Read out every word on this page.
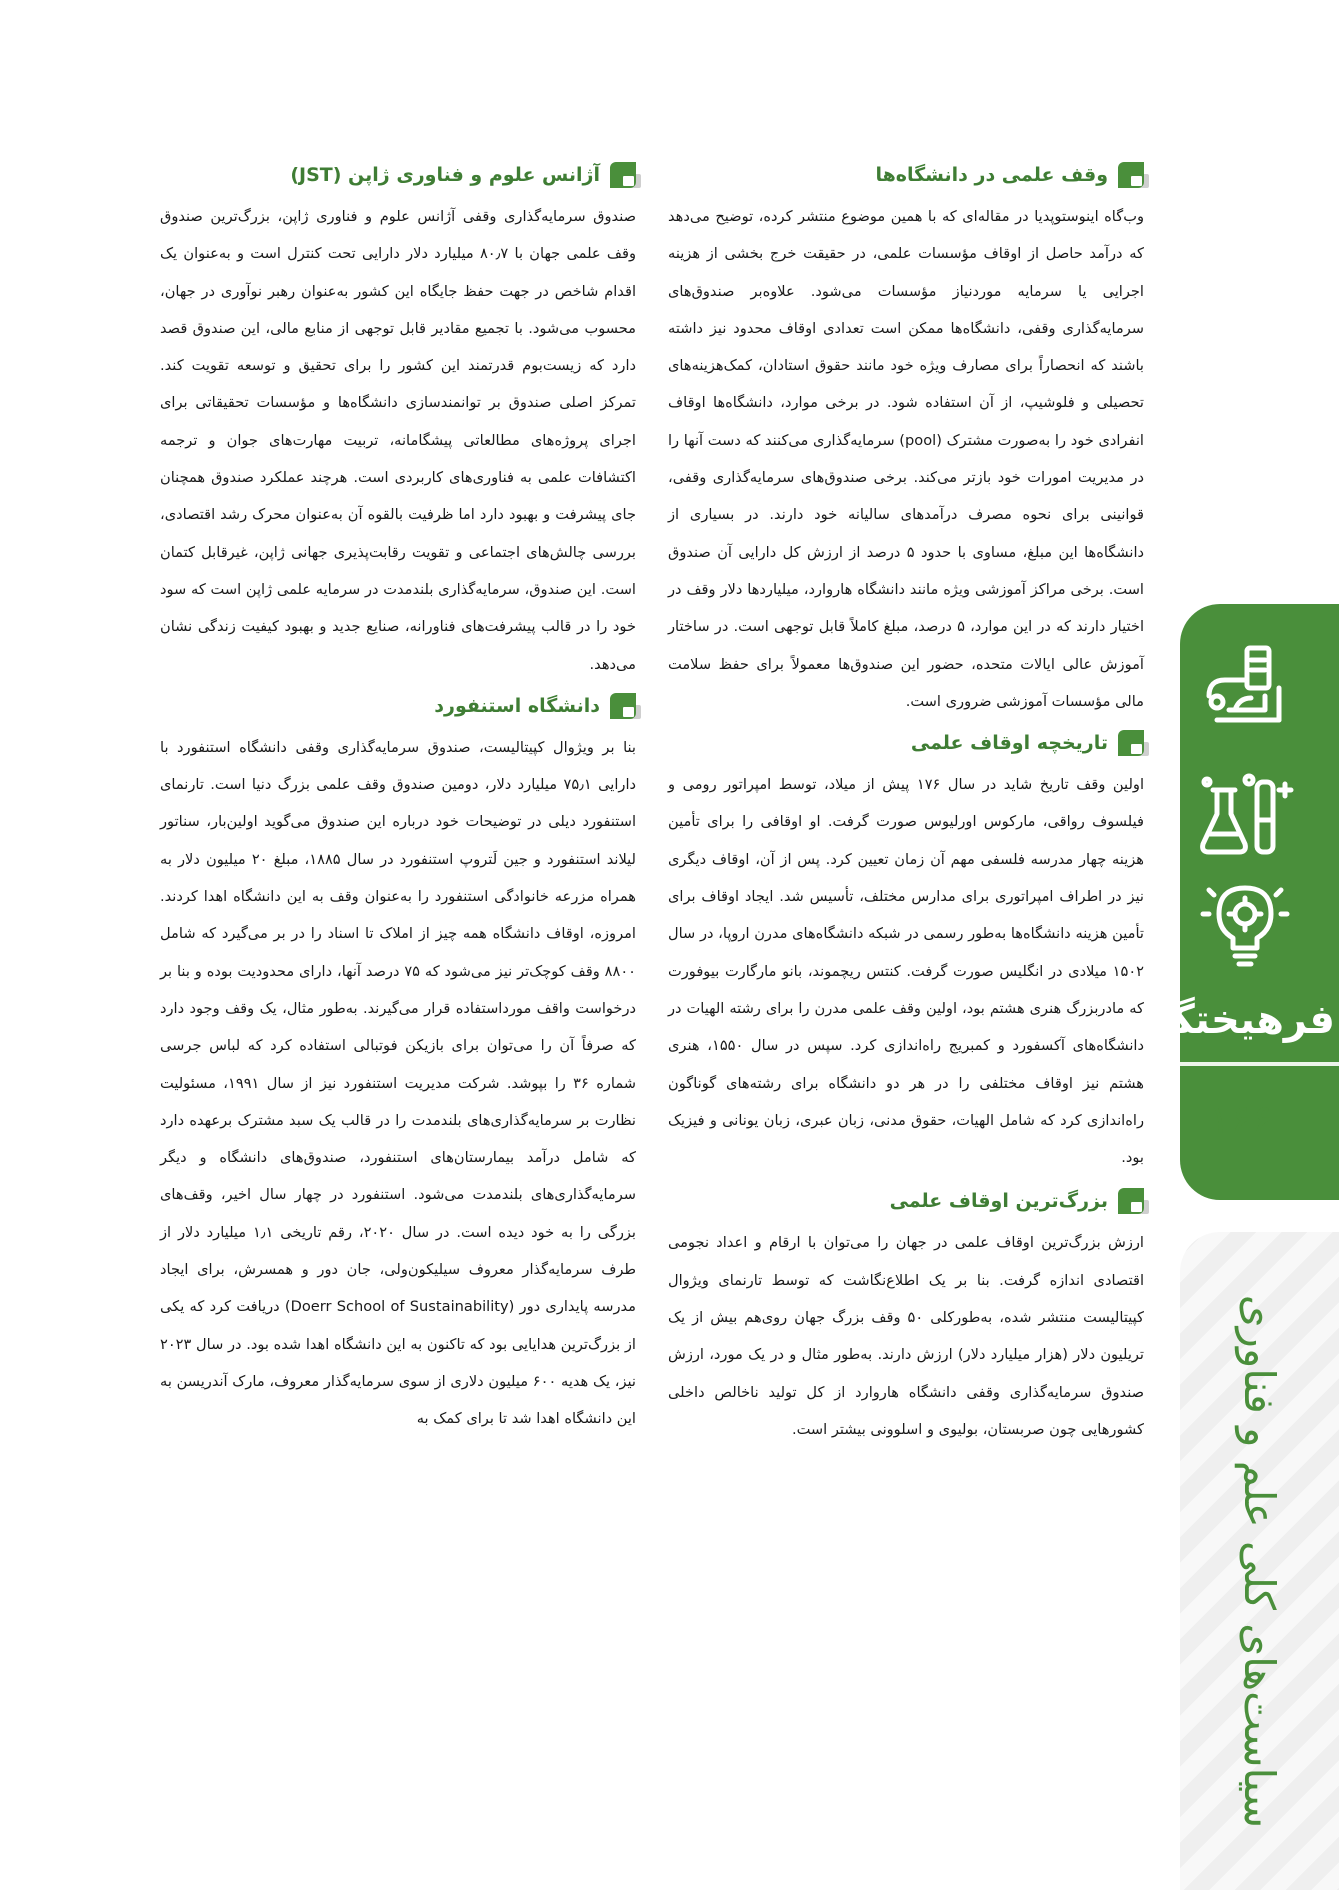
وقف علمی در دانشگاه‌ها

وب‌گاه اینوستوپدیا در مقاله‌ای که با همین موضوع منتشر کرده، توضیح می‌دهد که درآمد حاصل از اوقاف مؤسسات علمی، در حقیقت خرج بخشی از هزینه اجرایی یا سرمایه موردنیاز مؤسسات می‌شود. علاوه‌بر صندوق‌های سرمایه‌گذاری وقفی، دانشگاه‌ها ممکن است تعدادی اوقاف محدود نیز داشته باشند که انحصاراً برای مصارف ویژه خود مانند حقوق استادان، کمک‌هزینه‌های تحصیلی و فلوشیپ، از آن استفاده شود. در برخی موارد، دانشگاه‌ها اوقاف انفرادی خود را به‌صورت مشترک (pool) سرمایه‌گذاری می‌کنند که دست آنها را در مدیریت امورات خود بازتر می‌کند. برخی صندوق‌های سرمایه‌گذاری وقفی، قوانینی برای نحوه مصرف درآمدهای سالیانه خود دارند. در بسیاری از دانشگاه‌ها این مبلغ، مساوی با حدود ۵ درصد از ارزش کل دارایی آن صندوق است. برخی مراکز آموزشی ویژه مانند دانشگاه هاروارد، میلیاردها دلار وقف در اختیار دارند که در این موارد، ۵ درصد، مبلغ کاملاً قابل توجهی است. در ساختار آموزش عالی ایالات متحده، حضور این صندوق‌ها معمولاً برای حفظ سلامت مالی مؤسسات آموزشی ضروری است.

تاریخچه اوقاف علمی

اولین وقف تاریخ شاید در سال ۱۷۶ پیش از میلاد، توسط امپراتور رومی و فیلسوف رواقی، مارکوس اورلیوس صورت گرفت. او اوقافی را برای تأمین هزینه چهار مدرسه فلسفی مهم آن زمان تعیین کرد. پس از آن، اوقاف دیگری نیز در اطراف امپراتوری برای مدارس مختلف، تأسیس شد. ایجاد اوقاف برای تأمین هزینه دانشگاه‌ها به‌طور رسمی در شبکه دانشگاه‌های مدرن اروپا، در سال ۱۵۰۲ میلادی در انگلیس صورت گرفت. کنتس ریچموند، بانو مارگارت بیوفورت که مادربزرگ هنری هشتم بود، اولین وقف علمی مدرن را برای رشته الهیات در دانشگاه‌های آکسفورد و کمبریج راه‌اندازی کرد. سپس در سال ۱۵۵۰، هنری هشتم نیز اوقاف مختلفی را در هر دو دانشگاه برای رشته‌های گوناگون راه‌اندازی کرد که شامل الهیات، حقوق مدنی، زبان عبری، زبان یونانی و فیزیک بود.

بزرگ‌ترین اوقاف علمی

ارزش بزرگ‌ترین اوقاف علمی در جهان را می‌توان با ارقام و اعداد نجومی اقتصادی اندازه گرفت. بنا بر یک اطلاع‌نگاشت که توسط تارنمای ویژوال کپیتالیست منتشر شده، به‌طورکلی ۵۰ وقف بزرگ جهان روی‌هم بیش از یک تریلیون دلار (هزار میلیارد دلار) ارزش دارند. به‌طور مثال و در یک مورد، ارزش صندوق سرمایه‌گذاری وقفی دانشگاه هاروارد از کل تولید ناخالص داخلی کشورهایی چون صربستان، بولیوی و اسلوونی بیشتر است.

آژانس علوم و فناوری ژاپن (JST)

صندوق سرمایه‌گذاری وقفی آژانس علوم و فناوری ژاپن، بزرگ‌ترین صندوق وقف علمی جهان با ۸۰٫۷ میلیارد دلار دارایی تحت کنترل است و به‌عنوان یک اقدام شاخص در جهت حفظ جایگاه این کشور به‌عنوان رهبر نوآوری در جهان، محسوب می‌شود. با تجمیع مقادیر قابل توجهی از منابع مالی، این صندوق قصد دارد که زیست‌بوم قدرتمند این کشور را برای تحقیق و توسعه تقویت کند. تمرکز اصلی صندوق بر توانمندسازی دانشگاه‌ها و مؤسسات تحقیقاتی برای اجرای پروژه‌های مطالعاتی پیشگامانه، تربیت مهارت‌های جوان و ترجمه اکتشافات علمی به فناوری‌های کاربردی است. هرچند عملکرد صندوق همچنان جای پیشرفت و بهبود دارد اما ظرفیت بالقوه آن به‌عنوان محرک رشد اقتصادی، بررسی چالش‌های اجتماعی و تقویت رقابت‌پذیری جهانی ژاپن، غیرقابل کتمان است. این صندوق، سرمایه‌گذاری بلندمدت در سرمایه علمی ژاپن است که سود خود را در قالب پیشرفت‌های فناورانه، صنایع جدید و بهبود کیفیت زندگی نشان می‌دهد.

دانشگاه استنفورد

بنا بر ویژوال کپیتالیست، صندوق سرمایه‌گذاری وقفی دانشگاه استنفورد با دارایی ۷۵٫۱ میلیارد دلار، دومین صندوق وقف علمی بزرگ دنیا است. تارنمای استنفورد دیلی در توضیحات خود درباره این صندوق می‌گوید اولین‌بار، سناتور لیلاند استنفورد و جین لَتروپ استنفورد در سال ۱۸۸۵، مبلغ ۲۰ میلیون دلار به همراه مزرعه خانوادگی استنفورد را به‌عنوان وقف به این دانشگاه اهدا کردند. امروزه، اوقاف دانشگاه همه چیز از املاک تا اسناد را در بر می‌گیرد که شامل ۸۸۰۰ وقف کوچک‌تر نیز می‌شود که ۷۵ درصد آنها، دارای محدودیت بوده و بنا بر درخواست واقف مورداستفاده قرار می‌گیرند. به‌طور مثال، یک وقف وجود دارد که صرفاً آن را می‌توان برای بازیکن فوتبالی استفاده کرد که لباس جرسی شماره ۳۶ را بپوشد. شرکت مدیریت استنفورد نیز از سال ۱۹۹۱، مسئولیت نظارت بر سرمایه‌گذاری‌های بلندمدت را در قالب یک سبد مشترک برعهده دارد که شامل درآمد بیمارستان‌های استنفورد، صندوق‌های دانشگاه و دیگر سرمایه‌گذاری‌های بلندمدت می‌شود. استنفورد در چهار سال اخیر، وقف‌های بزرگی را به خود دیده است. در سال ۲۰۲۰، رقم تاریخی ۱٫۱ میلیارد دلار از طرف سرمایه‌گذار معروف سیلیکون‌ولی، جان دور و همسرش، برای ایجاد مدرسه پایداری دور (Doerr School of Sustainability) دریافت کرد که یکی از بزرگ‌ترین هدایایی بود که تاکنون به این دانشگاه اهدا شده بود. در سال ۲۰۲۳ نیز، یک هدیه ۶۰۰ میلیون دلاری از سوی سرمایه‌گذار معروف، مارک آندریسن به این دانشگاه اهدا شد تا برای کمک به

فرهیختگان
۱۶۶
سیاست‌های کلی علم و فناوری
